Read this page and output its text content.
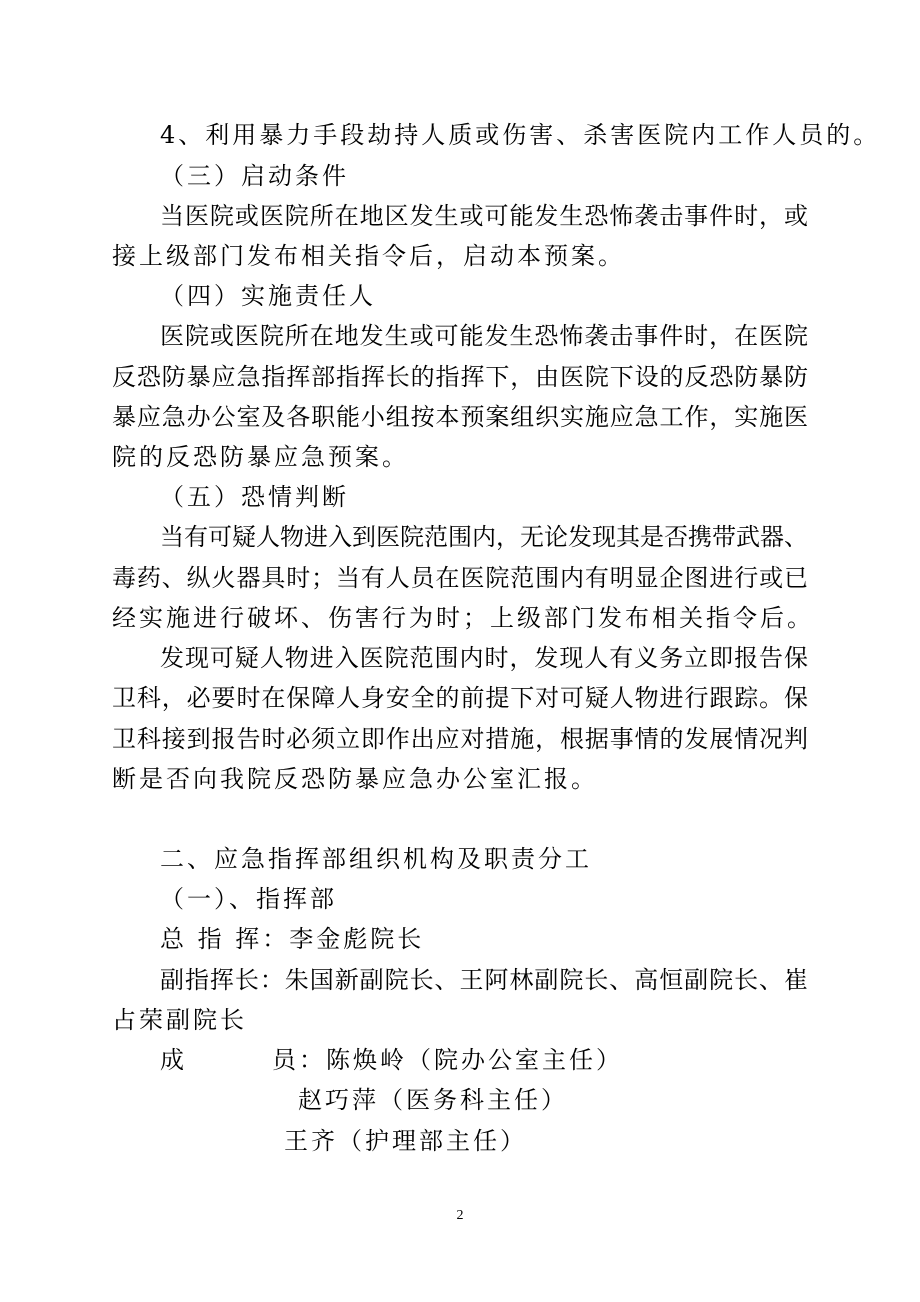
4、利用暴力手段劫持人质或伤害、杀害医院内工作人员的。
（三）启动条件
当医院或医院所在地区发生或可能发生恐怖袭击事件时，或
接上级部门发布相关指令后，启动本预案。
（四）实施责任人
医院或医院所在地发生或可能发生恐怖袭击事件时，在医院
反恐防暴应急指挥部指挥长的指挥下，由医院下设的反恐防暴防
暴应急办公室及各职能小组按本预案组织实施应急工作，实施医
院的反恐防暴应急预案。
（五）恐情判断
当有可疑人物进入到医院范围内，无论发现其是否携带武器、
毒药、纵火器具时；当有人员在医院范围内有明显企图进行或已
经实施进行破坏、伤害行为时；上级部门发布相关指令后。
发现可疑人物进入医院范围内时，发现人有义务立即报告保
卫科，必要时在保障人身安全的前提下对可疑人物进行跟踪。保
卫科接到报告时必须立即作出应对措施，根据事情的发展情况判
断是否向我院反恐防暴应急办公室汇报。
二、应急指挥部组织机构及职责分工
（一）、指挥部
总 指 挥：李金彪院长
副指挥长：朱国新副院长、王阿林副院长、高恒副院长、崔
占荣副院长
成	员：陈焕岭（院办公室主任）
赵巧萍（医务科主任）
王齐（护理部主任）
2
